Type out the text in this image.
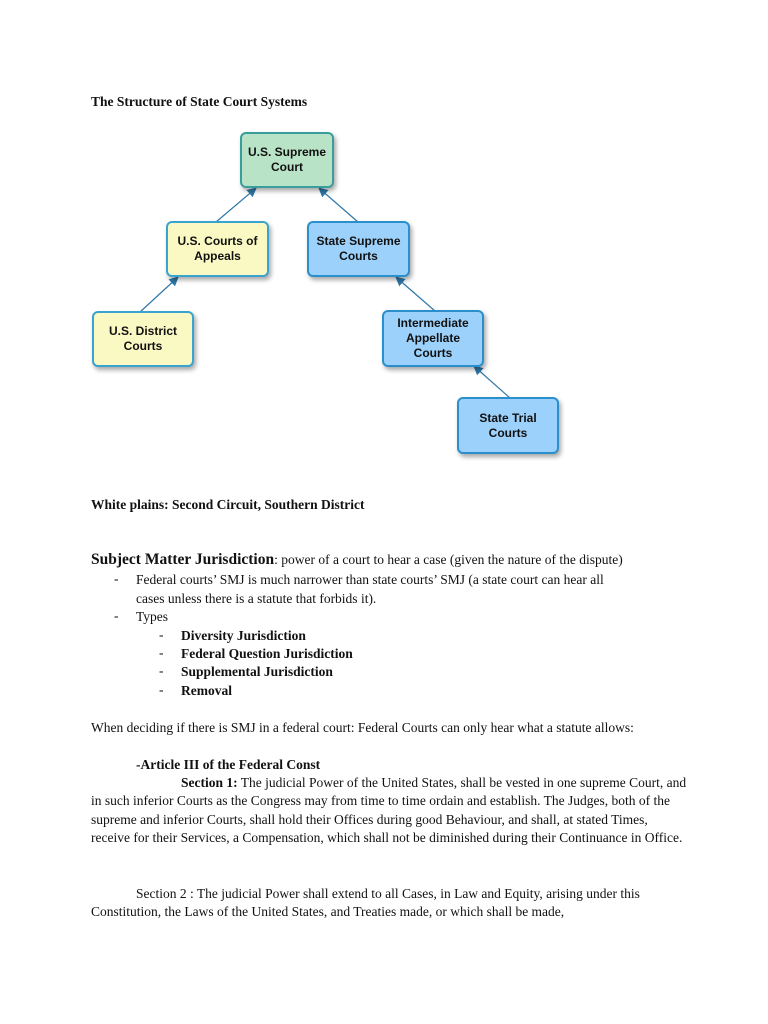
The Structure of State Court Systems
U.S. Supreme
Court
U.S. Courts of
Appeals
U.S. District
Courts
State Supreme
Courts
Intermediate
Appellate
Courts
State Trial
Courts
White plains: Second Circuit, Southern District
Subject Matter Jurisdiction: power of a court to hear a case (given the nature of the dispute)
- Federal courts’ SMJ is much narrower than state courts’ SMJ (a state court can hear all
cases unless there is a statute that forbids it).
- Types
- Diversity Jurisdiction
- Federal Question Jurisdiction
- Supplemental Jurisdiction
- Removal
When deciding if there is SMJ in a federal court: Federal Courts can only hear what a statute allows:
-Article III of the Federal Const
Section 1: The judicial Power of the United States, shall be vested in one supreme Court, and in such inferior Courts as the Congress may from time to time ordain and establish. The Judges, both of the supreme and inferior Courts, shall hold their Offices during good Behaviour, and shall, at stated Times, receive for their Services, a Compensation, which shall not be diminished during their Continuance in Office.
Section 2 : The judicial Power shall extend to all Cases, in Law and Equity, arising under this Constitution, the Laws of the United States, and Treaties made, or which shall be made,
